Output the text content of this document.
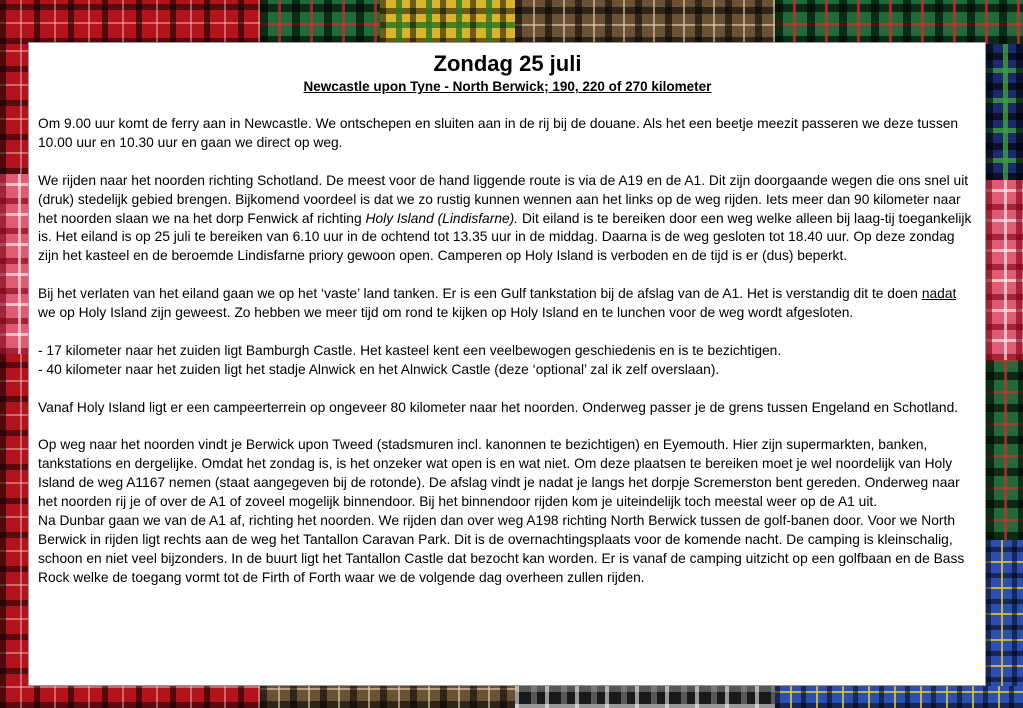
Zondag 25 juli
Newcastle upon Tyne - North Berwick; 190, 220 of 270 kilometer

Om 9.00 uur komt de ferry aan in Newcastle. We ontschepen en sluiten aan in de rij bij de douane. Als het een beetje meezit passeren we deze tussen 10.00 uur en 10.30 uur en gaan we direct op weg.

We rijden naar het noorden richting Schotland. De meest voor de hand liggende route is via de A19 en de A1. Dit zijn doorgaande wegen die ons snel uit (druk) stedelijk gebied brengen. Bijkomend voordeel is dat we zo rustig kunnen wennen aan het links op de weg rijden. Iets meer dan 90 kilometer naar het noorden slaan we na het dorp Fenwick af richting Holy Island (Lindisfarne). Dit eiland is te bereiken door een weg welke alleen bij laag-tij toegankelijk is. Het eiland is op 25 juli te bereiken van 6.10 uur in de ochtend tot 13.35 uur in de middag. Daarna is de weg gesloten tot 18.40 uur. Op deze zondag zijn het kasteel en de beroemde Lindisfarne priory gewoon open. Camperen op Holy Island is verboden en de tijd is er (dus) beperkt.

Bij het verlaten van het eiland gaan we op het ‘vaste’ land tanken. Er is een Gulf tankstation bij de afslag van de A1. Het is verstandig dit te doen nadat we op Holy Island zijn geweest. Zo hebben we meer tijd om rond te kijken op Holy Island en te lunchen voor de weg wordt afgesloten.

- 17 kilometer naar het zuiden ligt Bamburgh Castle. Het kasteel kent een veelbewogen geschiedenis en is te bezichtigen.
- 40 kilometer naar het zuiden ligt het stadje Alnwick en het Alnwick Castle (deze ‘optional’ zal ik zelf overslaan).

Vanaf Holy Island ligt er een campeerterrein op ongeveer 80 kilometer naar het noorden. Onderweg passer je de grens tussen Engeland en Schotland.

Op weg naar het noorden vindt je Berwick upon Tweed (stadsmuren incl. kanonnen te bezichtigen) en Eyemouth. Hier zijn supermarkten, banken, tankstations en dergelijke. Omdat het zondag is, is het onzeker wat open is en wat niet. Om deze plaatsen te bereiken moet je wel noordelijk van Holy Island de weg A1167 nemen (staat aangegeven bij de rotonde). De afslag vindt je nadat je langs het dorpje Scremerston bent gereden. Onderweg naar het noorden rij je of over de A1 of zoveel mogelijk binnendoor. Bij het binnendoor rijden kom je uiteindelijk toch meestal weer op de A1 uit.

Na Dunbar gaan we van de A1 af, richting het noorden. We rijden dan over weg A198 richting North Berwick tussen de golf-banen door. Voor we North Berwick in rijden ligt rechts aan de weg het Tantallon Caravan Park. Dit is de overnachtingsplaats voor de komende nacht. De camping is kleinschalig, schoon en niet veel bijzonders. In de buurt ligt het Tantallon Castle dat bezocht kan worden. Er is vanaf de camping uitzicht op een golfbaan en de Bass Rock welke de toegang vormt tot de Firth of Forth waar we de volgende dag overheen zullen rijden.
